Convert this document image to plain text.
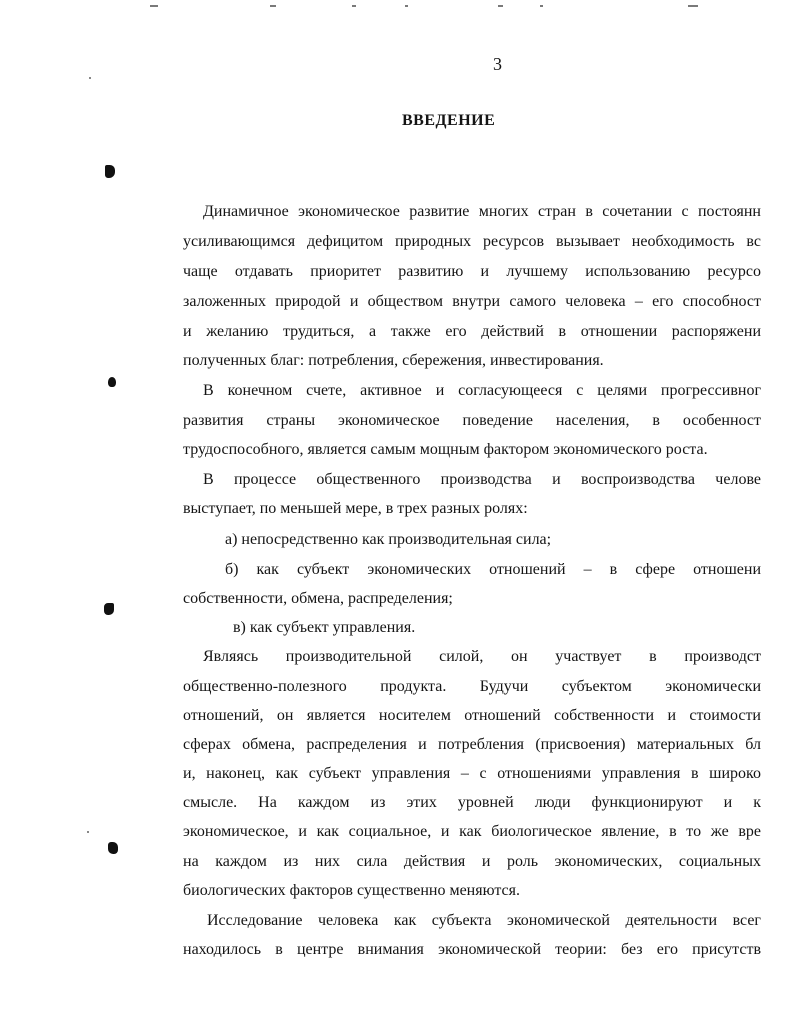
3
ВВЕДЕНИЕ
Динамичное экономическое развитие многих стран в сочетании с постоянн
усиливающимся дефицитом природных ресурсов вызывает необходимость вс
чаще отдавать приоритет развитию и лучшему использованию ресурсо
заложенных природой и обществом внутри самого человека – его способност
и желанию трудиться, а также его действий в отношении распоряжени
полученных благ: потребления, сбережения, инвестирования.
В конечном счете, активное и согласующееся с целями прогрессивног
развития страны экономическое поведение населения, в особенност
трудоспособного, является самым мощным фактором экономического роста.
В процессе общественного производства и воспроизводства челове
выступает, по меньшей мере, в трех разных ролях:
а) непосредственно как производительная сила;
б) как субъект экономических отношений – в сфере отношени
собственности, обмена, распределения;
в) как субъект управления.
Являясь производительной силой, он участвует в производст
общественно-полезного продукта. Будучи субъектом экономически
отношений, он является носителем отношений собственности и стоимости
сферах обмена, распределения и потребления (присвоения) материальных бл
и, наконец, как субъект управления – с отношениями управления в широко
смысле. На каждом из этих уровней люди функционируют и к
экономическое, и как социальное, и как биологическое явление, в то же вре
на каждом из них сила действия и роль экономических, социальных
биологических факторов существенно меняются.
Исследование человека как субъекта экономической деятельности всег
находилось в центре внимания экономической теории: без его присутств
